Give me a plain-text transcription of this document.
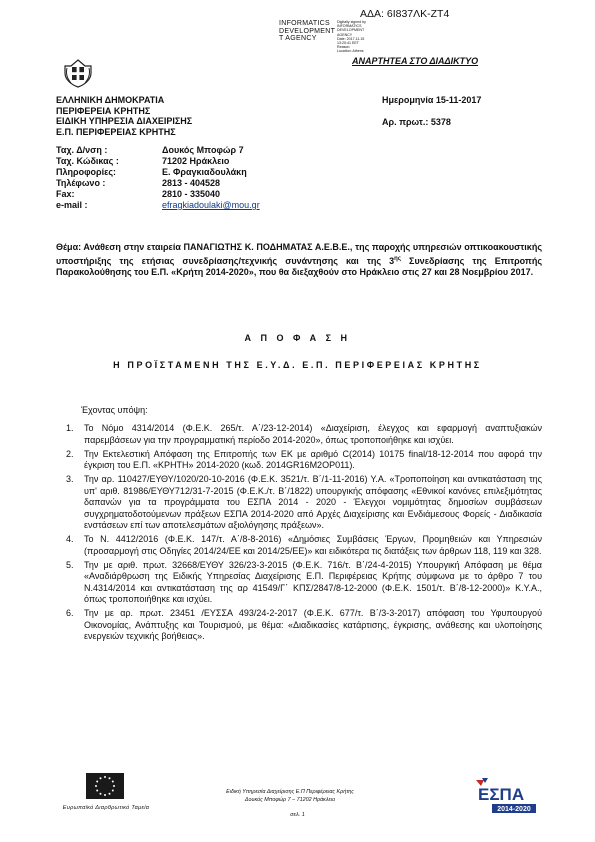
ΑΔΑ: 6Ι837ΛΚ-ΖΤ4
INFORMATICS
DEVELOPMENT
T AGENCY
Digitally signed by
INFORMATICS DEVELOPMENT AGENCY
Date: 2017.11.15 13:20:41 EET
Reason:
Location: Athens
ΑΝΑΡΤΗΤΕΑ ΣΤΟ ΔΙΑΔΙΚΤΥΟ
ΕΛΛΗΝΙΚΗ ΔΗΜΟΚΡΑΤΙΑ
ΠΕΡΙΦΕΡΕΙΑ ΚΡΗΤΗΣ
ΕΙΔΙΚΗ ΥΠΗΡΕΣΙΑ ΔΙΑΧΕΙΡΙΣΗΣ
Ε.Π. ΠΕΡΙΦΕΡΕΙΑΣ ΚΡΗΤΗΣ
Ημερομηνία 15-11-2017
Αρ. πρωτ.: 5378
Ταχ. Δ/νση :	Δουκός Μπoφώρ 7
Ταχ. Κώδικας :	71202 Ηράκλειο
Πληροφορίες:	Ε. Φραγκιαδουλάκη
Τηλέφωνο :	2813 - 404528
Fax:	2810 - 335040
e-mail :	efragkiadoulaki@mou.gr
Θέμα: Ανάθεση στην εταιρεία ΠΑΝΑΓΙΩΤΗΣ Κ. ΠΟΔΗΜΑΤΑΣ Α.Ε.Β.Ε., της παροχής υπηρεσιών οπτικοακουστικής υποστήριξης της ετήσιας συνεδρίασης/τεχνικής συνάντησης και της $3^{\eta\varsigma}$ Συνεδρίασης της Επιτροπής Παρακολούθησης του Ε.Π. «Κρήτη 2014-2020», που θα διεξαχθούν στο Ηράκλειο στις 27 και 28 Νοεμβρίου 2017.
Α Π Ο Φ Α Σ Η
Η ΠΡΟΪΣΤΑΜΕΝΗ ΤΗΣ Ε.Υ.Δ. Ε.Π. ΠΕΡΙΦΕΡΕΙΑΣ ΚΡΗΤΗΣ
Έχοντας υπόψη:
1. Το Νόμο 4314/2014 (Φ.Ε.Κ. 265/τ. Α΄/23-12-2014) «Διαχείριση, έλεγχος και εφαρμογή αναπτυξιακών παρεμβάσεων για την προγραμματική περίοδο 2014-2020», όπως τροποποιήθηκε και ισχύει.
2. Την Εκτελεστική Απόφαση της Επιτροπής των ΕΚ με αριθμό C(2014) 10175 final/18-12-2014 που αφορά την έγκριση του Ε.Π. «ΚΡΗΤΗ» 2014-2020 (κωδ. 2014GR16M2OP011).
3. Την αρ. 110427/ΕΥΘΥ/1020/20-10-2016 (Φ.Ε.Κ. 3521/τ. Β΄/1-11-2016) Υ.Α. «Τροποποίηση και αντικατάσταση της υπ' αριθ. 81986/ΕΥΘΥ712/31-7-2015 (Φ.Ε.Κ./τ. Β΄/1822) υπουργικής απόφασης «Εθνικοί κανόνες επιλεξιμότητας δαπανών για τα προγράμματα του ΕΣΠΑ 2014 - 2020 - Έλεγχοι νομιμότητας δημοσίων συμβάσεων συγχρηματοδοτούμενων πράξεων ΕΣΠΑ 2014-2020 από Αρχές Διαχείρισης και Ενδιάμεσους Φορείς - Διαδικασία ενστάσεων επί των αποτελεσμάτων αξιολόγησης πράξεων».
4. Το Ν. 4412/2016 (Φ.Ε.Κ. 147/τ. Α΄/8-8-2016) «Δημόσιες Συμβάσεις Έργων, Προμηθειών και Υπηρεσιών (προσαρμογή στις Οδηγίες 2014/24/ΕΕ και 2014/25/ΕΕ)» και ειδικότερα τις διατάξεις των άρθρων 118, 119 και 328.
5. Την με αριθ. πρωτ. 32668/ΕΥΘΥ 326/23-3-2015 (Φ.Ε.Κ. 716/τ. Β΄/24-4-2015) Υπουργική Απόφαση με θέμα «Αναδιάρθρωση της Ειδικής Υπηρεσίας Διαχείρισης Ε.Π. Περιφέρειας Κρήτης σύμφωνα με το άρθρο 7 του Ν.4314/2014 και αντικατάσταση της αρ 41549/Γ΄ ΚΠΣ/2847/8-12-2000 (Φ.Ε.Κ. 1501/τ. Β΄/8-12-2000)» Κ.Υ.Α., όπως τροποποιήθηκε και ισχύει.
6. Την με αρ. πρωτ. 23451 /ΕΥΣΣΑ 493/24-2-2017 (Φ.Ε.Κ. 677/τ. Β΄/3-3-2017) απόφαση του Υφυπουργού Οικονομίας, Ανάπτυξης και Τουρισμού, με θέμα: «Διαδικασίες κατάρτισης, έγκρισης, ανάθεσης και υλοποίησης ενεργειών τεχνικής βοήθειας».
Ευρωπαϊκό Διαρθρωτικό Ταμεία
Ειδική Υπηρεσία Διαχείρισης Ε.Π Περιφέρειας Κρήτης
Δουκός Μπoφώρ 7 – 71202 Ηράκλειο
σελ. 1
ΕΣΠΑ
2014-2020
